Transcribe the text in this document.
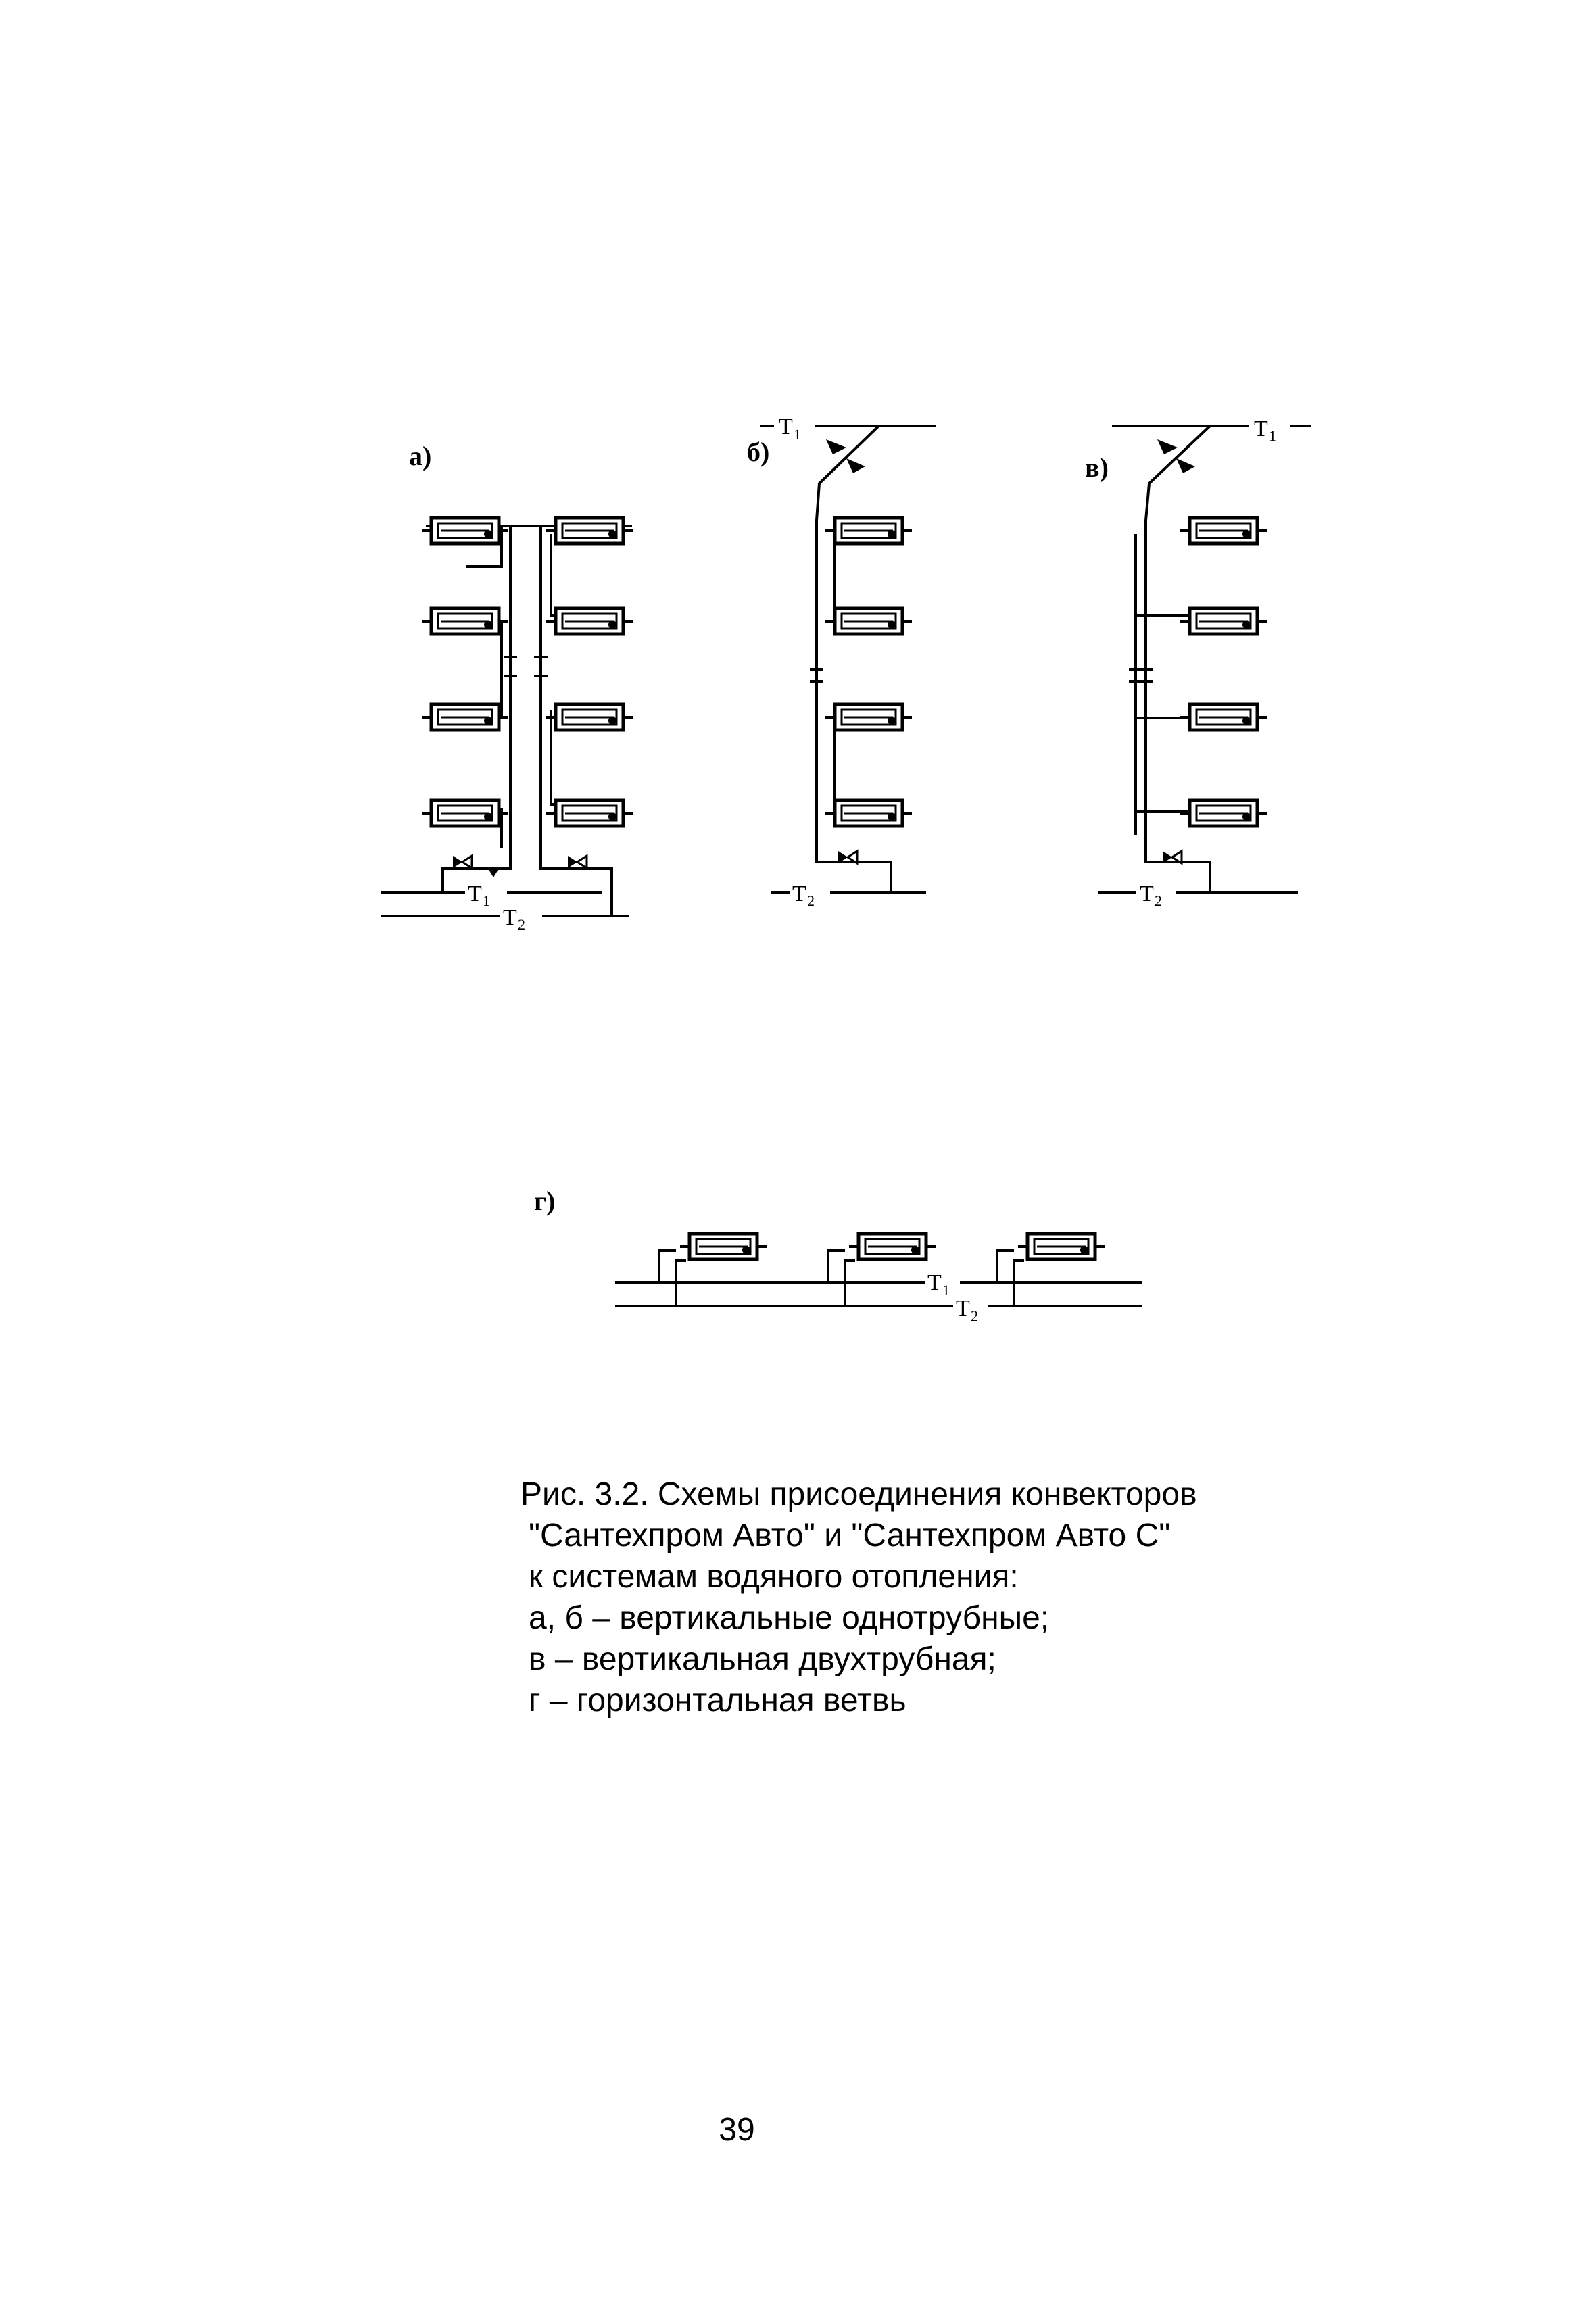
а)
T 1
T 2
б)
T 1
T 2
в)
T 1
T 2
г)
T 1
T 2
Рис. 3.2. Схемы присоединения конвекторов
"Сантехпром Авто" и "Сантехпром Авто С"
к системам водяного отопления:
а, б – вертикальные однотрубные;
в – вертикальная двухтрубная;
г – горизонтальная ветвь
39
